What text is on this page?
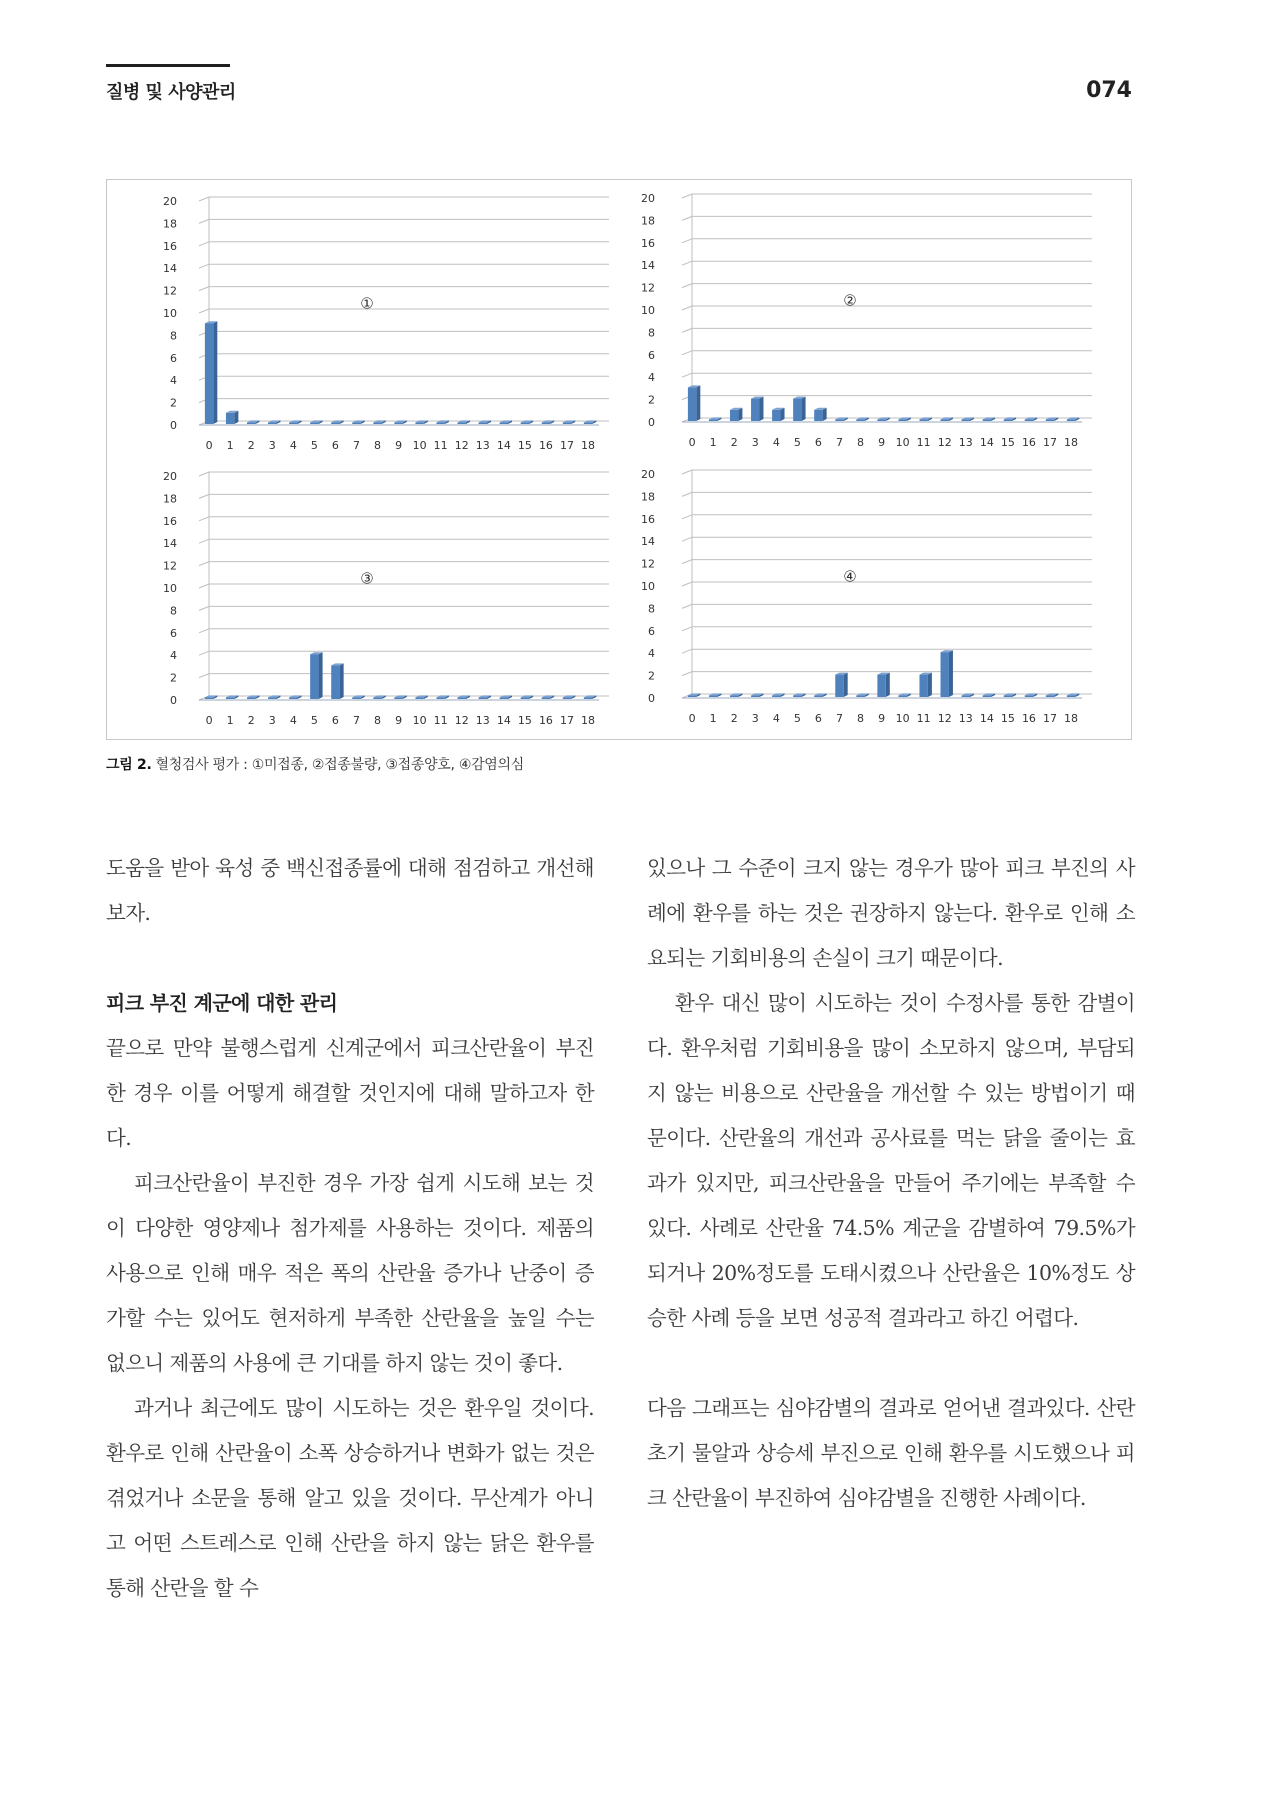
질병 및 사양관리	074
0
2
4
6
8
10
12
14
16
18
20
0 1 2 3 4 5 6 7 8 9 10 11 12 13 14 15 16 17 18
①
0
2
4
6
8
10
12
14
16
18
20
0 1 2 3 4 5 6 7 8 9 10 11 12 13 14 15 16 17 18
②
0
2
4
6
8
10
12
14
16
18
20
0 1 2 3 4 5 6 7 8 9 10 11 12 13 14 15 16 17 18
③
0
2
4
6
8
10
12
14
16
18
20
0 1 2 3 4 5 6 7 8 9 10 11 12 13 14 15 16 17 18
④
그림 2. 혈청검사 평가 : ①미접종, ②접종불량, ③접종양호, ④감염의심

도움을 받아 육성 중 백신접종률에 대해 점검하고 개선해보자.

피크 부진 계군에 대한 관리

끝으로 만약 불행스럽게 신계군에서 피크산란율이 부진한 경우 이를 어떻게 해결할 것인지에 대해 말하고자 한다.

피크산란율이 부진한 경우 가장 쉽게 시도해 보는 것이 다양한 영양제나 첨가제를 사용하는 것이다. 제품의 사용으로 인해 매우 적은 폭의 산란율 증가나 난중이 증가할 수는 있어도 현저하게 부족한 산란율을 높일 수는 없으니 제품의 사용에 큰 기대를 하지 않는 것이 좋다.

과거나 최근에도 많이 시도하는 것은 환우일 것이다. 환우로 인해 산란율이 소폭 상승하거나 변화가 없는 것은 겪었거나 소문을 통해 알고 있을 것이다. 무산계가 아니고 어떤 스트레스로 인해 산란을 하지 않는 닭은 환우를 통해 산란을 할 수

있으나 그 수준이 크지 않는 경우가 많아 피크 부진의 사례에 환우를 하는 것은 권장하지 않는다. 환우로 인해 소요되는 기회비용의 손실이 크기 때문이다.

환우 대신 많이 시도하는 것이 수정사를 통한 감별이다. 환우처럼 기회비용을 많이 소모하지 않으며, 부담되지 않는 비용으로 산란율을 개선할 수 있는 방법이기 때문이다. 산란율의 개선과 공사료를 먹는 닭을 줄이는 효과가 있지만, 피크산란율을 만들어 주기에는 부족할 수 있다. 사례로 산란율 74.5% 계군을 감별하여 79.5%가 되거나 20%정도를 도태시켰으나 산란율은 10%정도 상승한 사례 등을 보면 성공적 결과라고 하긴 어렵다.

다음 그래프는 심야감별의 결과로 얻어낸 결과있다. 산란초기 물알과 상승세 부진으로 인해 환우를 시도했으나 피크 산란율이 부진하여 심야감별을 진행한 사례이다.
